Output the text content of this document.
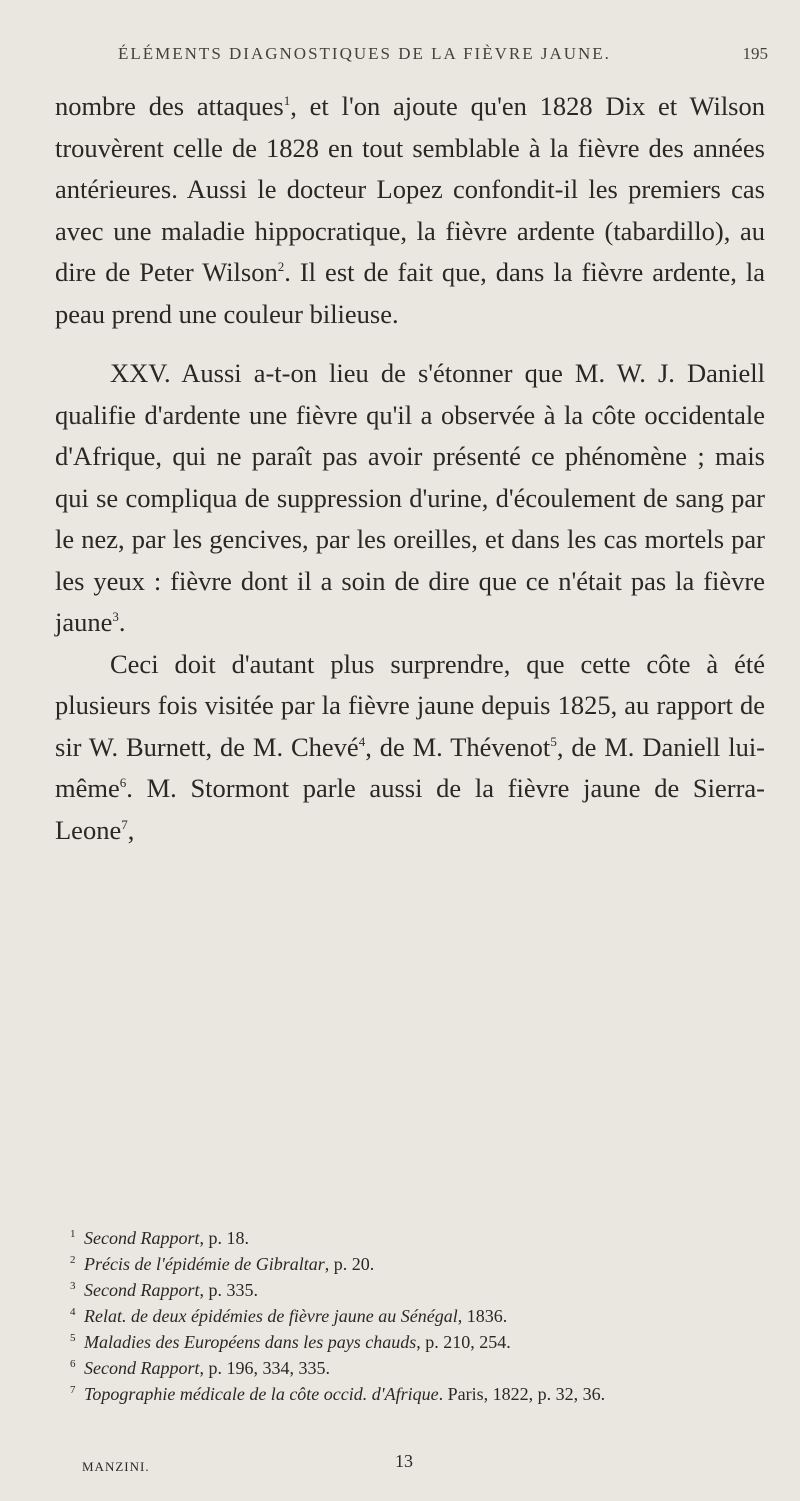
ÉLÉMENTS DIAGNOSTIQUES DE LA FIÈVRE JAUNE.	195

nombre des attaques$^1$, et l'on ajoute qu'en 1828 Dix et Wilson trouvèrent celle de 1828 en tout semblable à la fièvre des années antérieures. Aussi le docteur Lopez confondit-il les premiers cas avec une maladie hippocratique, la fièvre ardente (tabardillo), au dire de Peter Wilson$^2$. Il est de fait que, dans la fièvre ardente, la peau prend une couleur bilieuse.

XXV. Aussi a-t-on lieu de s'étonner que M. W. J. Daniell qualifie d'ardente une fièvre qu'il a observée à la côte occidentale d'Afrique, qui ne paraît pas avoir présenté ce phénomène ; mais qui se compliqua de suppression d'urine, d'écoulement de sang par le nez, par les gencives, par les oreilles, et dans les cas mortels par les yeux : fièvre dont il a soin de dire que ce n'était pas la fièvre jaune$^3$.

Ceci doit d'autant plus surprendre, que cette côte à été plusieurs fois visitée par la fièvre jaune depuis 1825, au rapport de sir W. Burnett, de M. Chevé$^4$, de M. Thévenot$^5$, de M. Daniell lui-même$^6$. M. Stormont parle aussi de la fièvre jaune de Sierra-Leone$^7$,

1 Second Rapport, p. 18.

2 Précis de l'épidémie de Gibraltar, p. 20.

3 Second Rapport, p. 335.

4 Relat. de deux épidémies de fièvre jaune au Sénégal, 1836.

5 Maladies des Européens dans les pays chauds, p. 210, 254.

6 Second Rapport, p. 196, 334, 335.

7 Topographie médicale de la côte occid. d'Afrique. Paris, 1822, p. 32, 36.

MANZINI.	13
